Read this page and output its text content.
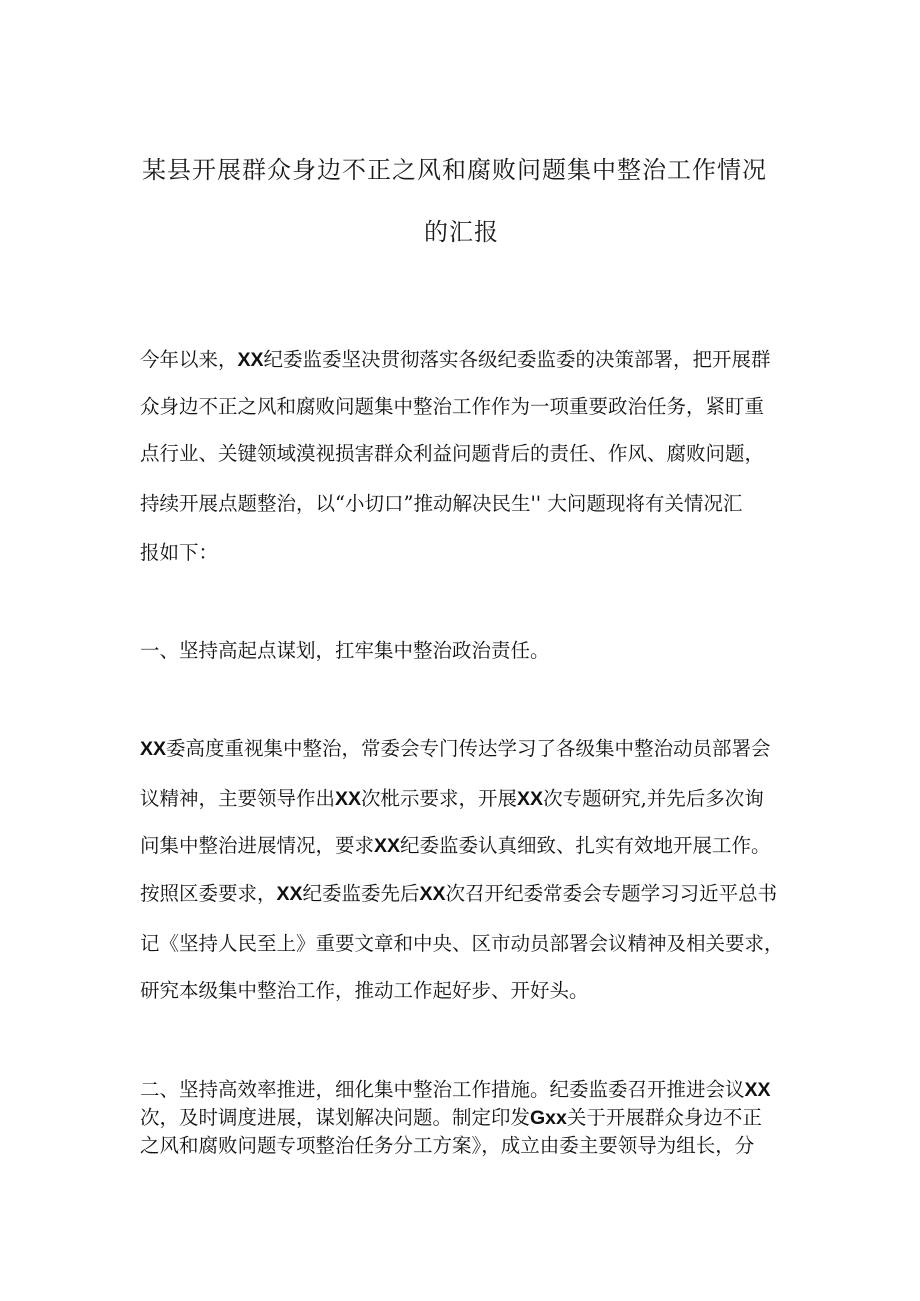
某县开展群众身边不正之风和腐败问题集中整治工作情况
的汇报
今年以来，XX纪委监委坚决贯彻落实各级纪委监委的决策部署，把开展群
众身边不正之风和腐败问题集中整治工作作为一项重要政治任务，紧盯重
点行业、关键领域漠视损害群众利益问题背后的责任、作风、腐败问题，
持续开展点题整治，以“小切口”推动解决民生'' 大问题现将有关情况汇
报如下：
一、坚持高起点谋划，扛牢集中整治政治责任。
XX委高度重视集中整治，常委会专门传达学习了各级集中整治动员部署会
议精神，主要领导作出XX次枇示要求，开展XX次专题研究,并先后多次询
问集中整治进展情况，要求XX纪委监委认真细致、扎实有效地开展工作。
按照区委要求，XX纪委监委先后XX次召开纪委常委会专题学习习近平总书
记《坚持人民至上》重要文章和中央、区市动员部署会议精神及相关要求，
研究本级集中整治工作，推动工作起好步、开好头。
二、坚持高效率推进，细化集中整治工作措施。纪委监委召开推进会议XX
次，及时调度进展，谋划解决问题。制定印发Gxx关于开展群众身边不正
之风和腐败问题专项整治任务分工方案》，成立由委主要领导为组长，分
